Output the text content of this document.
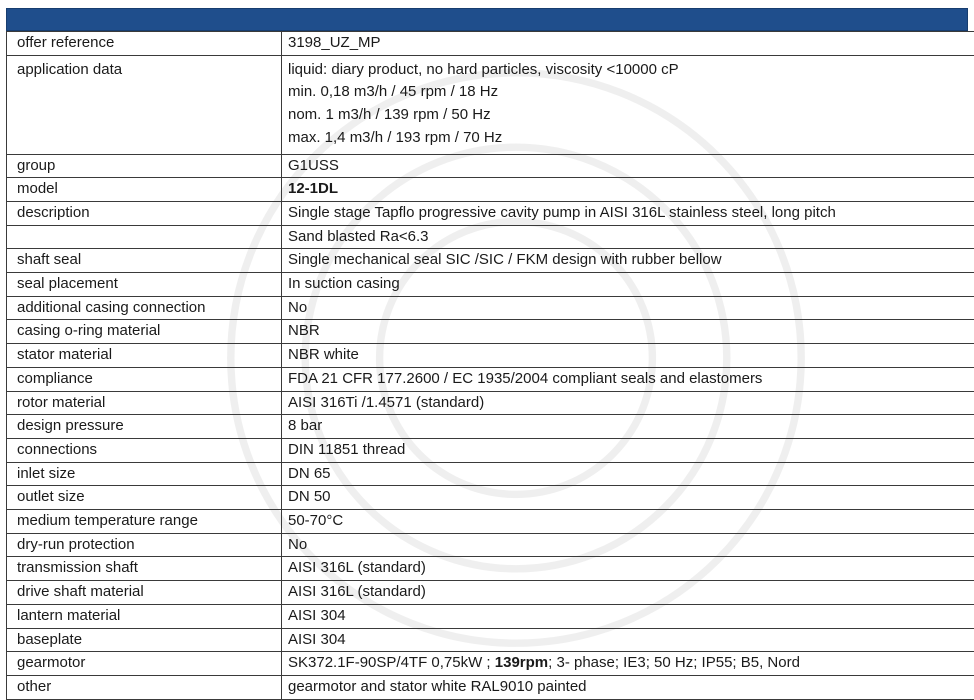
offer reference	3198_UZ_MP
application data	liquid: diary product, no hard particles, viscosity <10000 cP
min. 0,18 m3/h / 45 rpm / 18 Hz
nom. 1 m3/h / 139 rpm / 50 Hz
max. 1,4 m3/h / 193 rpm / 70 Hz

group	G1USS
model	12-1DL
description	Single stage Tapflo progressive cavity pump in AISI 316L stainless steel, long pitch
	Sand blasted Ra<6.3
shaft seal	Single mechanical seal SIC /SIC / FKM design with rubber bellow
seal placement	In suction casing
additional casing connection	No
casing o-ring material	NBR
stator material	NBR white
compliance	FDA 21 CFR 177.2600 / EC 1935/2004 compliant seals and elastomers
rotor material	AISI 316Ti /1.4571 (standard)
design pressure	8 bar
connections	DIN 11851 thread
inlet size	DN 65
outlet size	DN 50
medium temperature range	50-70°C
dry-run protection	No
transmission shaft	AISI 316L (standard)
drive shaft material	AISI 316L (standard)
lantern material	AISI 304
baseplate	AISI 304
gearmotor	SK372.1F-90SP/4TF 0,75kW ; 139rpm; 3- phase; IE3; 50 Hz; IP55; B5, Nord
other	gearmotor and stator white RAL9010 painted
